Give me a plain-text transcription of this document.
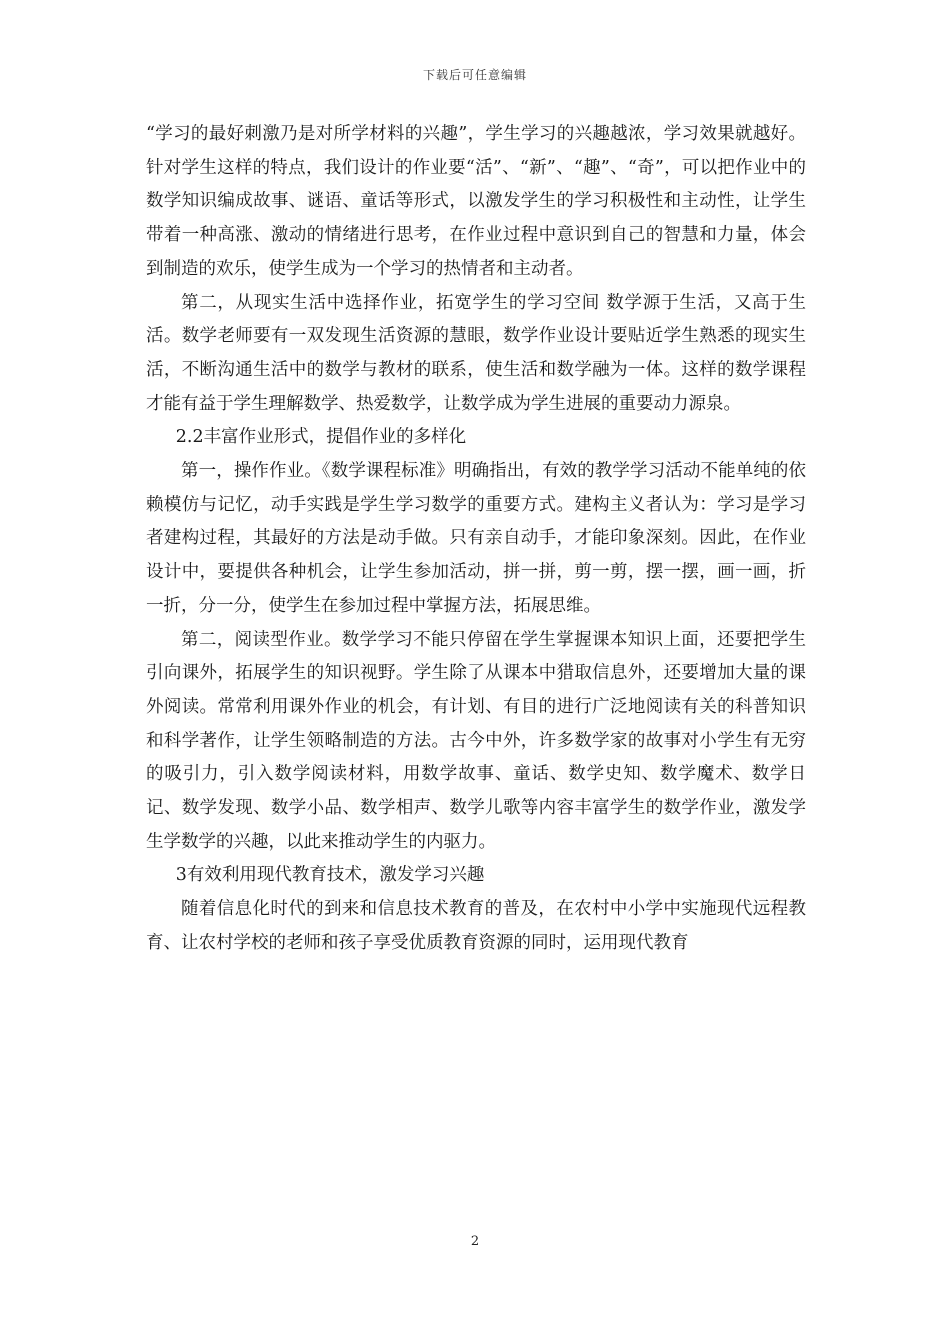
下载后可任意编辑

“学习的最好刺激乃是对所学材料的兴趣”，学生学习的兴趣越浓，学习效果就越好。针对学生这样的特点，我们设计的作业要“活”、“新”、“趣”、“奇”，可以把作业中的数学知识编成故事、谜语、童话等形式，以激发学生的学习积极性和主动性，让学生带着一种高涨、激动的情绪进行思考，在作业过程中意识到自己的智慧和力量，体会到制造的欢乐，使学生成为一个学习的热情者和主动者。

第二，从现实生活中选择作业，拓宽学生的学习空间 数学源于生活，又高于生活。数学老师要有一双发现生活资源的慧眼，数学作业设计要贴近学生熟悉的现实生活，不断沟通生活中的数学与教材的联系，使生活和数学融为一体。这样的数学课程才能有益于学生理解数学、热爱数学，让数学成为学生进展的重要动力源泉。

2.2丰富作业形式，提倡作业的多样化

第一，操作作业。《数学课程标准》明确指出，有效的教学学习活动不能单纯的依赖模仿与记忆，动手实践是学生学习数学的重要方式。建构主义者认为：学习是学习者建构过程，其最好的方法是动手做。只有亲自动手，才能印象深刻。因此，在作业设计中，要提供各种机会，让学生参加活动，拼一拼，剪一剪，摆一摆，画一画，折一折，分一分，使学生在参加过程中掌握方法，拓展思维。

第二，阅读型作业。数学学习不能只停留在学生掌握课本知识上面，还要把学生引向课外，拓展学生的知识视野。学生除了从课本中猎取信息外，还要增加大量的课外阅读。常常利用课外作业的机会，有计划、有目的进行广泛地阅读有关的科普知识和科学著作，让学生领略制造的方法。古今中外，许多数学家的故事对小学生有无穷的吸引力，引入数学阅读材料，用数学故事、童话、数学史知、数学魔术、数学日记、数学发现、数学小品、数学相声、数学儿歌等内容丰富学生的数学作业，激发学生学数学的兴趣，以此来推动学生的内驱力。

3有效利用现代教育技术，激发学习兴趣

随着信息化时代的到来和信息技术教育的普及，在农村中小学中实施现代远程教育、让农村学校的老师和孩子享受优质教育资源的同时，运用现代教育

2
